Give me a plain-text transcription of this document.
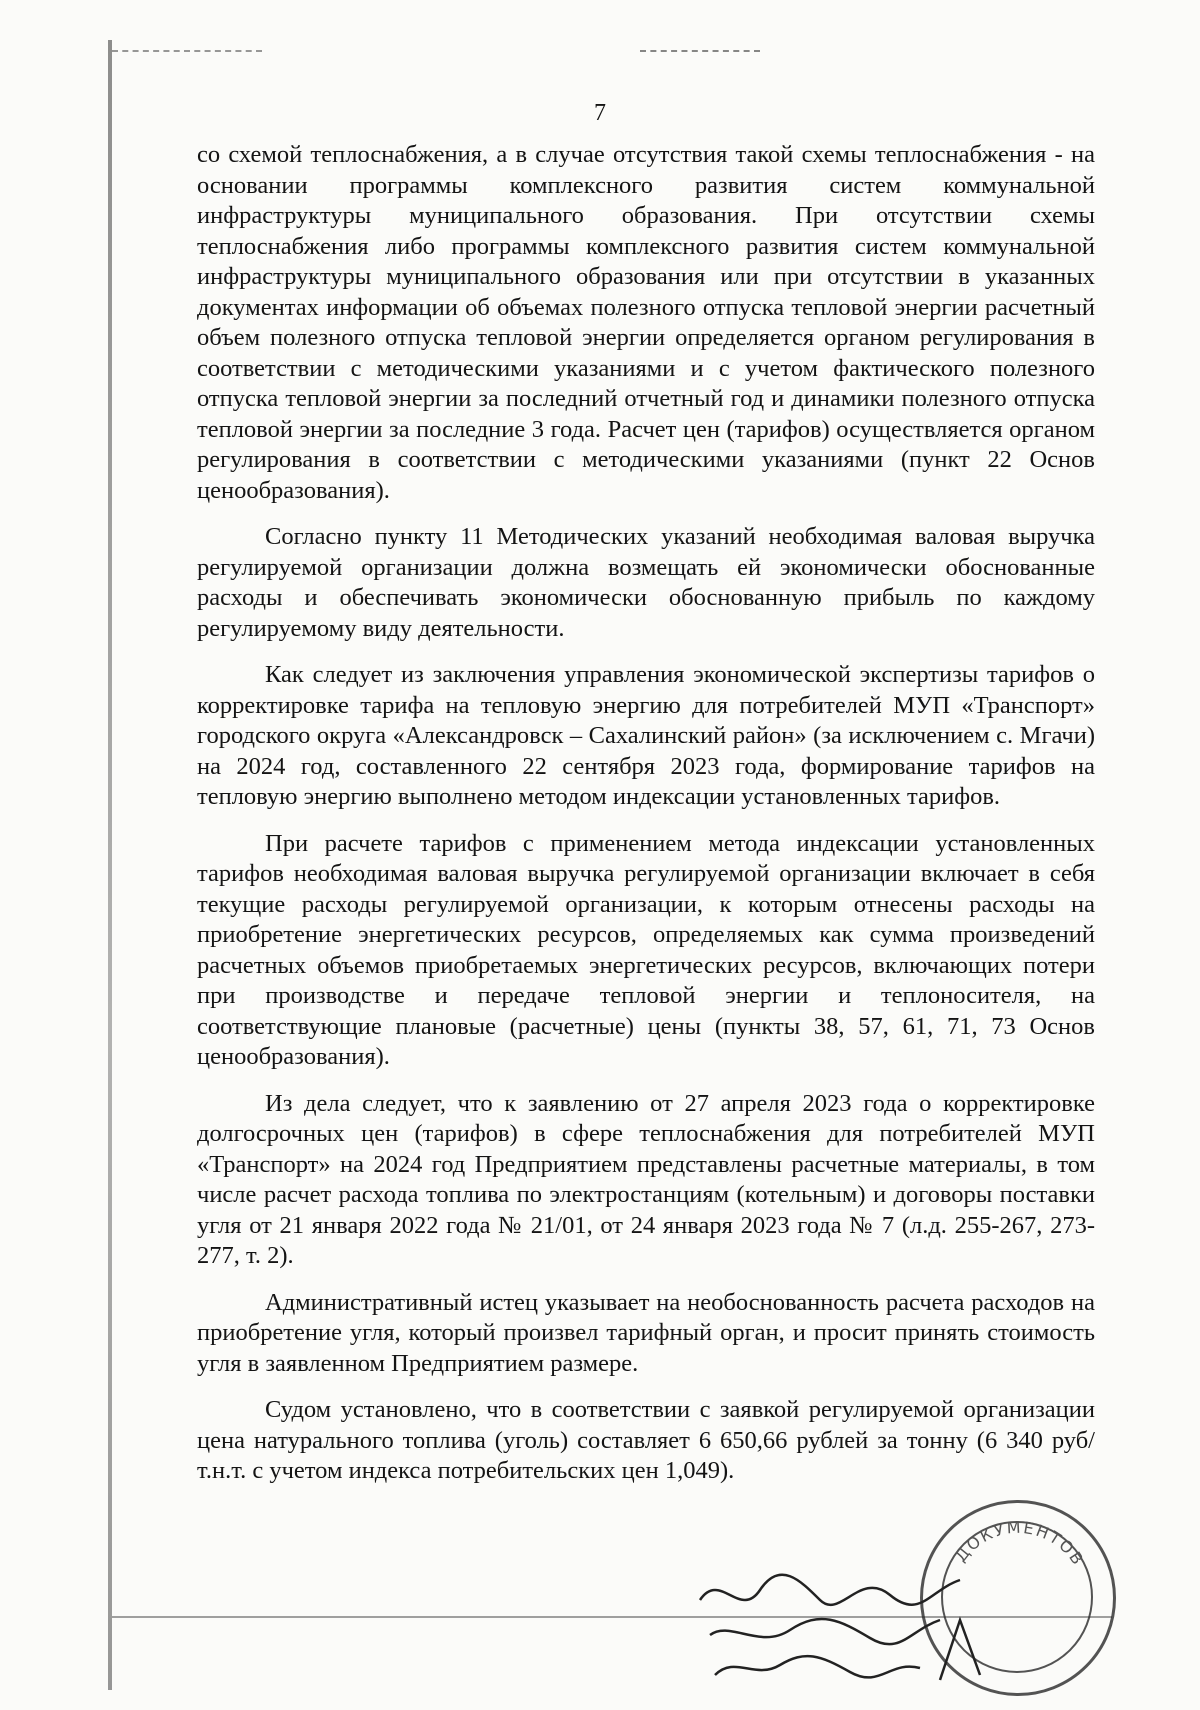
7

со схемой теплоснабжения, а в случае отсутствия такой схемы теплоснабжения - на основании программы комплексного развития систем коммунальной инфраструктуры муниципального образования. При отсутствии схемы теплоснабжения либо программы комплексного развития систем коммунальной инфраструктуры муниципального образования или при отсутствии в указанных документах информации об объемах полезного отпуска тепловой энергии расчетный объем полезного отпуска тепловой энергии определяется органом регулирования в соответствии с методическими указаниями и с учетом фактического полезного отпуска тепловой энергии за последний отчетный год и динамики полезного отпуска тепловой энергии за последние 3 года. Расчет цен (тарифов) осуществляется органом регулирования в соответствии с методическими указаниями (пункт 22 Основ ценообразования).

Согласно пункту 11 Методических указаний необходимая валовая выручка регулируемой организации должна возмещать ей экономически обоснованные расходы и обеспечивать экономически обоснованную прибыль по каждому регулируемому виду деятельности.

Как следует из заключения управления экономической экспертизы тарифов о корректировке тарифа на тепловую энергию для потребителей МУП «Транспорт» городского округа «Александровск – Сахалинский район» (за исключением с. Мгачи) на 2024 год, составленного 22 сентября 2023 года, формирование тарифов на тепловую энергию выполнено методом индексации установленных тарифов.

При расчете тарифов с применением метода индексации установленных тарифов необходимая валовая выручка регулируемой организации включает в себя текущие расходы регулируемой организации, к которым отнесены расходы на приобретение энергетических ресурсов, определяемых как сумма произведений расчетных объемов приобретаемых энергетических ресурсов, включающих потери при производстве и передаче тепловой энергии и теплоносителя, на соответствующие плановые (расчетные) цены (пункты 38, 57, 61, 71, 73 Основ ценообразования).

Из дела следует, что к заявлению от 27 апреля 2023 года о корректировке долгосрочных цен (тарифов) в сфере теплоснабжения для потребителей МУП «Транспорт» на 2024 год Предприятием представлены расчетные материалы, в том числе расчет расхода топлива по электростанциям (котельным) и договоры поставки угля от 21 января 2022 года № 21/01, от 24 января 2023 года № 7 (л.д. 255-267, 273-277, т. 2).

Административный истец указывает на необоснованность расчета расходов на приобретение угля, который произвел тарифный орган, и просит принять стоимость угля в заявленном Предприятием размере.

Судом установлено, что в соответствии с заявкой регулируемой организации цена натурального топлива (уголь) составляет 6 650,66 рублей за тонну (6 340 руб/т.н.т. с учетом индекса потребительских цен 1,049).

ДОКУМЕНТОВ
